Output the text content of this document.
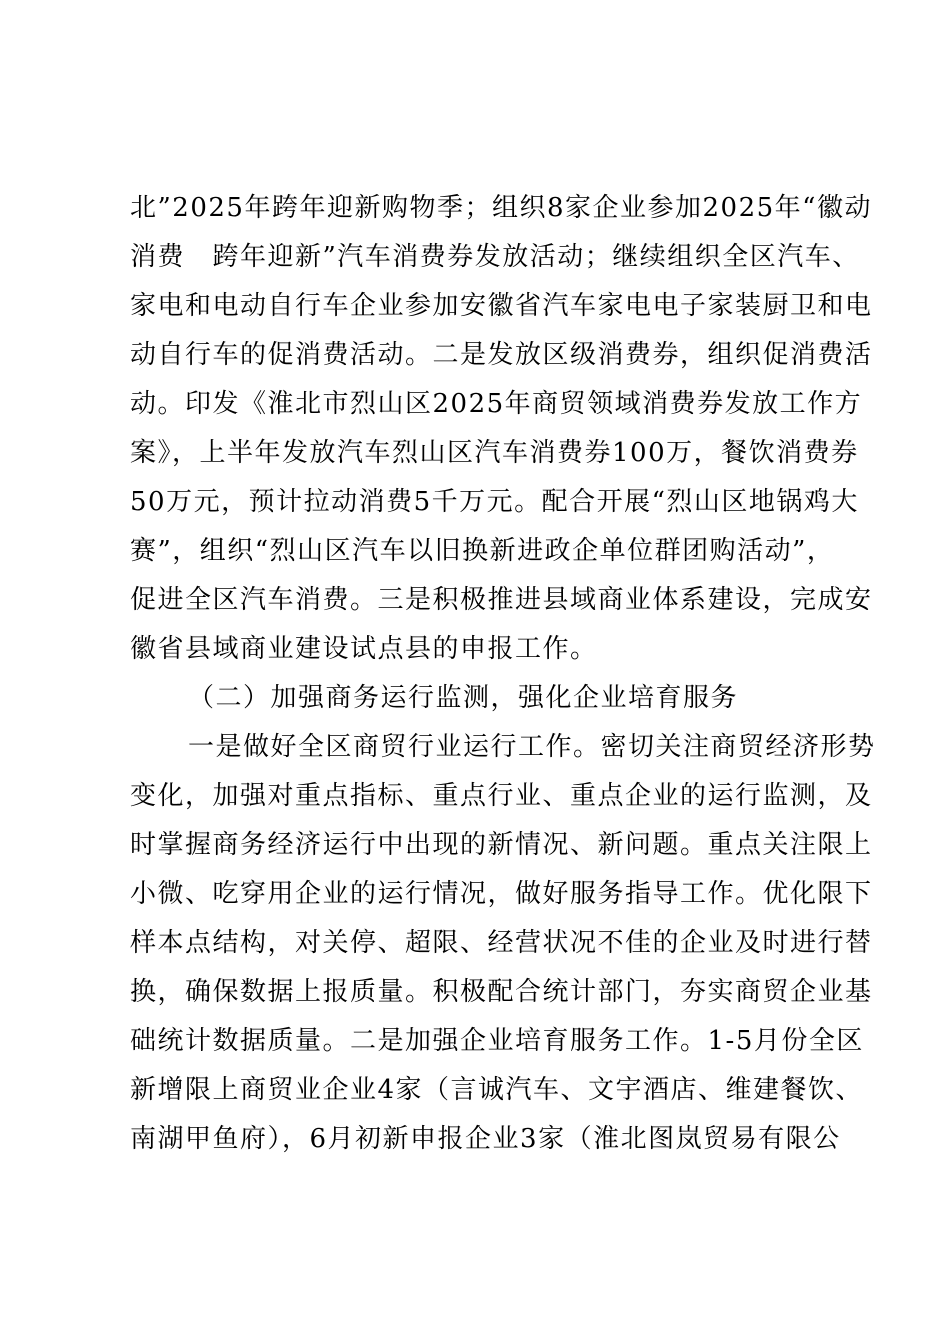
北”2025年跨年迎新购物季；组织8家企业参加2025年“徽动
消费　跨年迎新”汽车消费券发放活动；继续组织全区汽车、
家电和电动自行车企业参加安徽省汽车家电电子家装厨卫和电
动自行车的促消费活动。二是发放区级消费券，组织促消费活
动。印发《淮北市烈山区2025年商贸领域消费券发放工作方
案》，上半年发放汽车烈山区汽车消费券100万，餐饮消费券
50万元，预计拉动消费5千万元。配合开展“烈山区地锅鸡大
赛”，组织“烈山区汽车以旧换新进政企单位群团购活动”，
促进全区汽车消费。三是积极推进县域商业体系建设，完成安
徽省县域商业建设试点县的申报工作。
（二）加强商务运行监测，强化企业培育服务
一是做好全区商贸行业运行工作。密切关注商贸经济形势
变化，加强对重点指标、重点行业、重点企业的运行监测，及
时掌握商务经济运行中出现的新情况、新问题。重点关注限上
小微、吃穿用企业的运行情况，做好服务指导工作。优化限下
样本点结构，对关停、超限、经营状况不佳的企业及时进行替
换，确保数据上报质量。积极配合统计部门，夯实商贸企业基
础统计数据质量。二是加强企业培育服务工作。1-5月份全区
新增限上商贸业企业4家（言诚汽车、文宇酒店、维建餐饮、
南湖甲鱼府），6月初新申报企业3家（淮北图岚贸易有限公
